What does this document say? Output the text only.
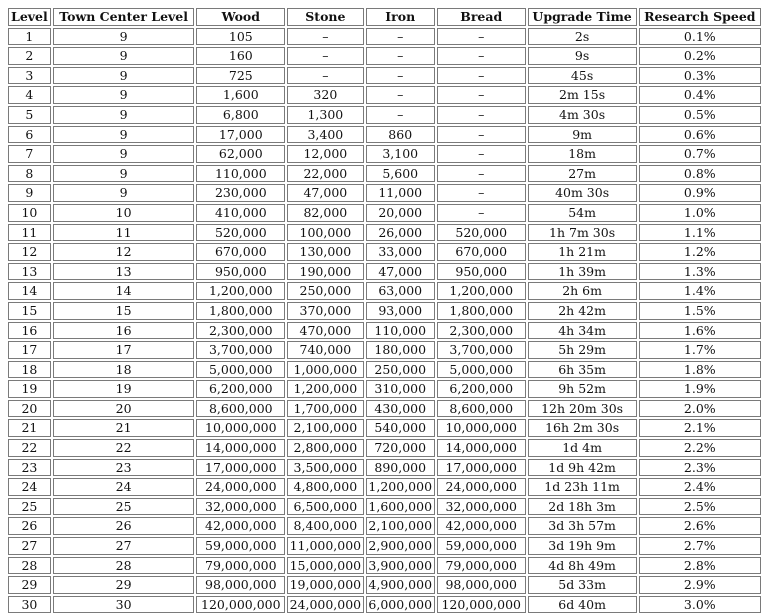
Level	Town Center Level	Wood	Stone	Iron	Bread	Upgrade Time	Research Speed
1	9	105	–	–	–	2s	0.1%
2	9	160	–	–	–	9s	0.2%
3	9	725	–	–	–	45s	0.3%
4	9	1,600	320	–	–	2m 15s	0.4%
5	9	6,800	1,300	–	–	4m 30s	0.5%
6	9	17,000	3,400	860	–	9m	0.6%
7	9	62,000	12,000	3,100	–	18m	0.7%
8	9	110,000	22,000	5,600	–	27m	0.8%
9	9	230,000	47,000	11,000	–	40m 30s	0.9%
10	10	410,000	82,000	20,000	–	54m	1.0%
11	11	520,000	100,000	26,000	520,000	1h 7m 30s	1.1%
12	12	670,000	130,000	33,000	670,000	1h 21m	1.2%
13	13	950,000	190,000	47,000	950,000	1h 39m	1.3%
14	14	1,200,000	250,000	63,000	1,200,000	2h 6m	1.4%
15	15	1,800,000	370,000	93,000	1,800,000	2h 42m	1.5%
16	16	2,300,000	470,000	110,000	2,300,000	4h 34m	1.6%
17	17	3,700,000	740,000	180,000	3,700,000	5h 29m	1.7%
18	18	5,000,000	1,000,000	250,000	5,000,000	6h 35m	1.8%
19	19	6,200,000	1,200,000	310,000	6,200,000	9h 52m	1.9%
20	20	8,600,000	1,700,000	430,000	8,600,000	12h 20m 30s	2.0%
21	21	10,000,000	2,100,000	540,000	10,000,000	16h 2m 30s	2.1%
22	22	14,000,000	2,800,000	720,000	14,000,000	1d 4m	2.2%
23	23	17,000,000	3,500,000	890,000	17,000,000	1d 9h 42m	2.3%
24	24	24,000,000	4,800,000	1,200,000	24,000,000	1d 23h 11m	2.4%
25	25	32,000,000	6,500,000	1,600,000	32,000,000	2d 18h 3m	2.5%
26	26	42,000,000	8,400,000	2,100,000	42,000,000	3d 3h 57m	2.6%
27	27	59,000,000	11,000,000	2,900,000	59,000,000	3d 19h 9m	2.7%
28	28	79,000,000	15,000,000	3,900,000	79,000,000	4d 8h 49m	2.8%
29	29	98,000,000	19,000,000	4,900,000	98,000,000	5d 33m	2.9%
30	30	120,000,000	24,000,000	6,000,000	120,000,000	6d 40m	3.0%
